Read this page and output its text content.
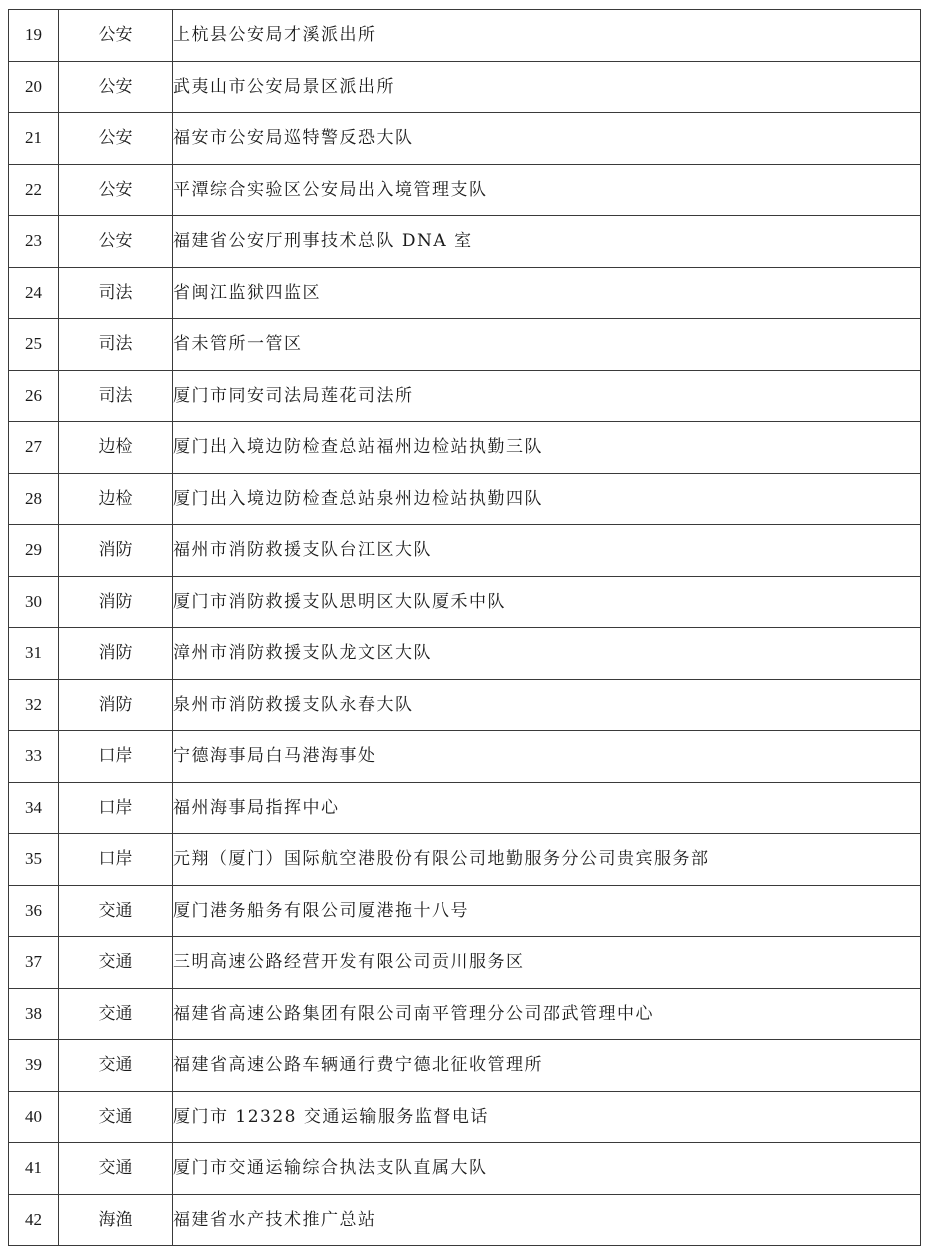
19	公安	上杭县公安局才溪派出所
20	公安	武夷山市公安局景区派出所
21	公安	福安市公安局巡特警反恐大队
22	公安	平潭综合实验区公安局出入境管理支队
23	公安	福建省公安厅刑事技术总队 DNA 室
24	司法	省闽江监狱四监区
25	司法	省未管所一管区
26	司法	厦门市同安司法局莲花司法所
27	边检	厦门出入境边防检查总站福州边检站执勤三队
28	边检	厦门出入境边防检查总站泉州边检站执勤四队
29	消防	福州市消防救援支队台江区大队
30	消防	厦门市消防救援支队思明区大队厦禾中队
31	消防	漳州市消防救援支队龙文区大队
32	消防	泉州市消防救援支队永春大队
33	口岸	宁德海事局白马港海事处
34	口岸	福州海事局指挥中心
35	口岸	元翔（厦门）国际航空港股份有限公司地勤服务分公司贵宾服务部
36	交通	厦门港务船务有限公司厦港拖十八号
37	交通	三明高速公路经营开发有限公司贡川服务区
38	交通	福建省高速公路集团有限公司南平管理分公司邵武管理中心
39	交通	福建省高速公路车辆通行费宁德北征收管理所
40	交通	厦门市 12328 交通运输服务监督电话
41	交通	厦门市交通运输综合执法支队直属大队
42	海渔	福建省水产技术推广总站
